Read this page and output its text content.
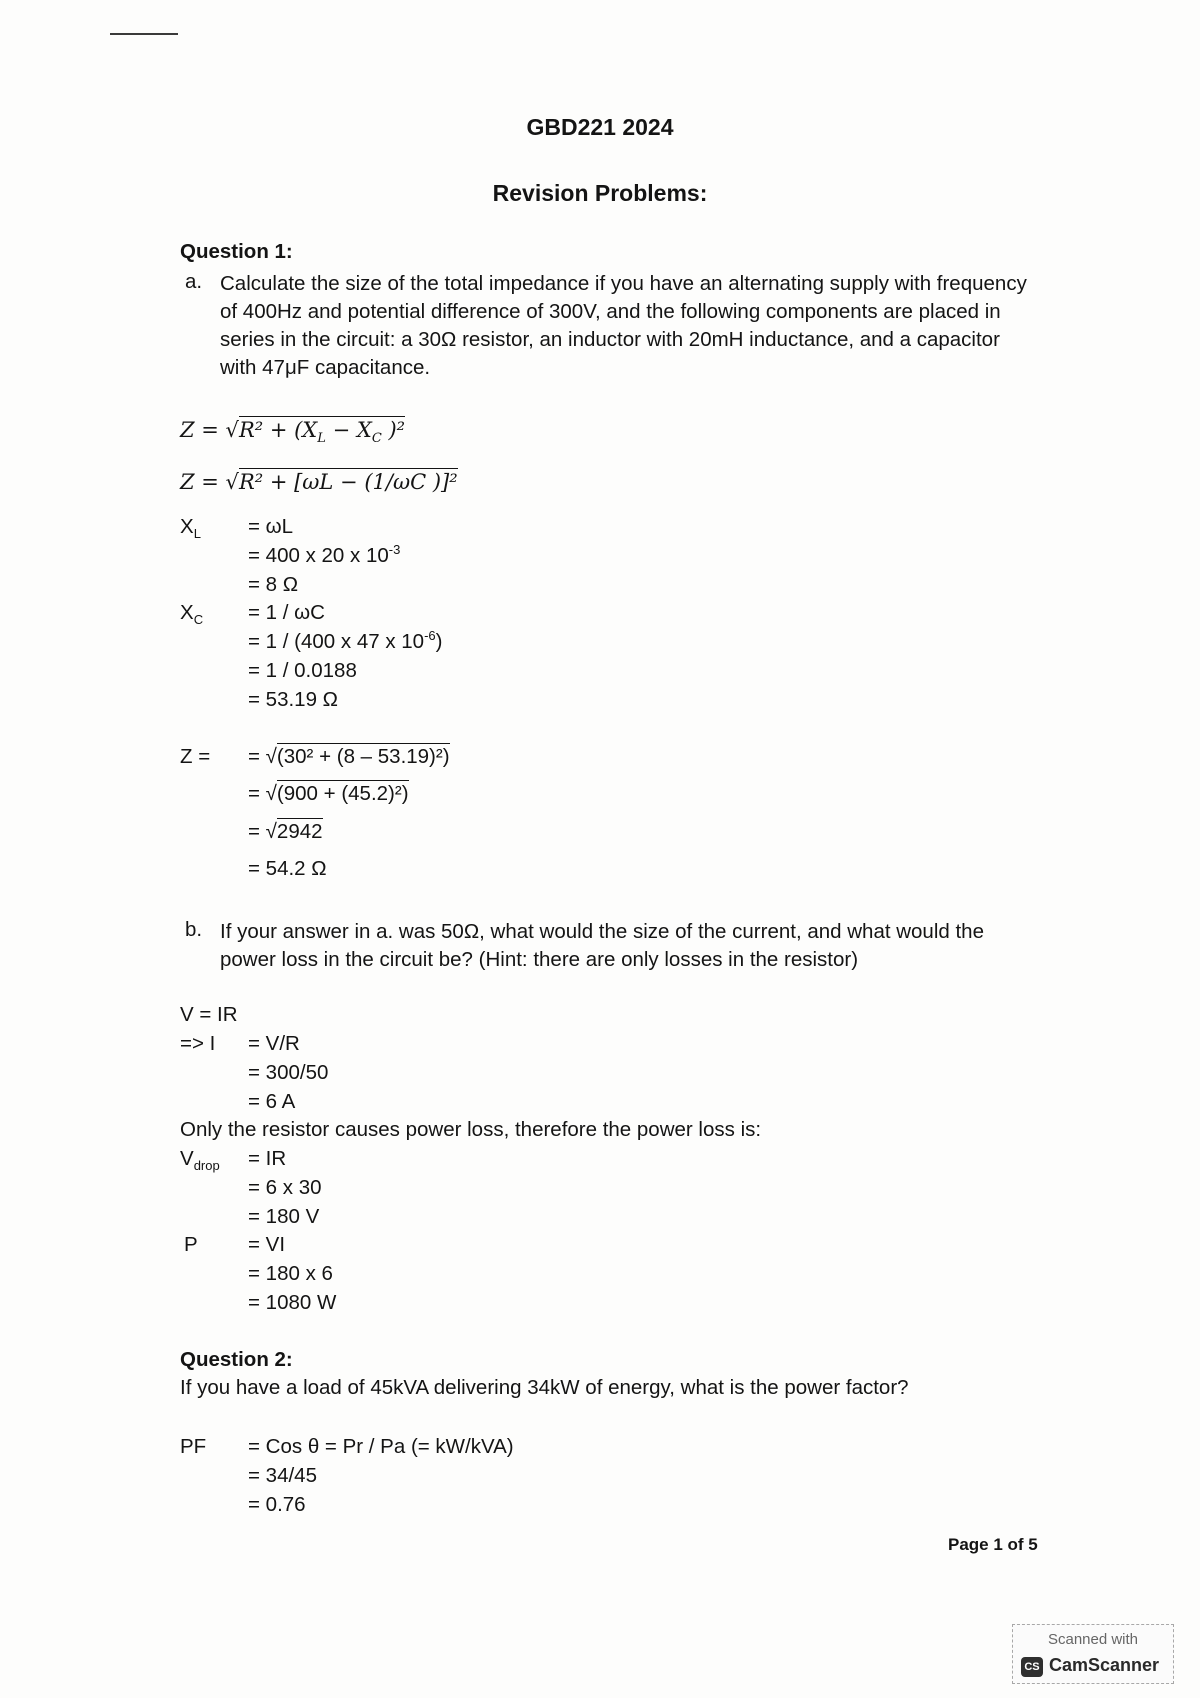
GBD221 2024
Revision Problems:
Question 1:
a. Calculate the size of the total impedance if you have an alternating supply with frequency of 400Hz and potential difference of 300V, and the following components are placed in series in the circuit: a 30Ω resistor, an inductor with 20mH inductance, and a capacitor with 47μF capacitance.
Z = √
$R^2 + (X_L - X_C$ )²
Z = √
R² + [ωL − (1/ωC )]²
$X_L = \omega L$
= 400 x 20 x $10^{-3}$
= 8 Ω
$X_C = 1 / \omega C$
= 1 / (400 x 47 x $10^{-6}$)
= 1 / 0.0188
= 53.19 Ω
Z = = √(30² + (8 – 53.19)²)
= √(900 + (45.2)²)
= √2942
= 54.2 Ω
b. If your answer in a. was 50Ω, what would the size of the current, and what would the power loss in the circuit be? (Hint: there are only losses in the resistor)
V = IR
=> I = V/R
= 300/50
= 6 A
Only the resistor causes power loss, therefore the power loss is:
$V_{drop}$ = IR
= 6 x 30
= 180 V
P = VI
= 180 x 6
= 1080 W
Question 2:
If you have a load of 45kVA delivering 34kW of energy, what is the power factor?
PF = Cos θ = Pr / Pa (= kW/kVA)
= 34/45
= 0.76
Page 1 of 5
Scanned with
CS CamScanner
